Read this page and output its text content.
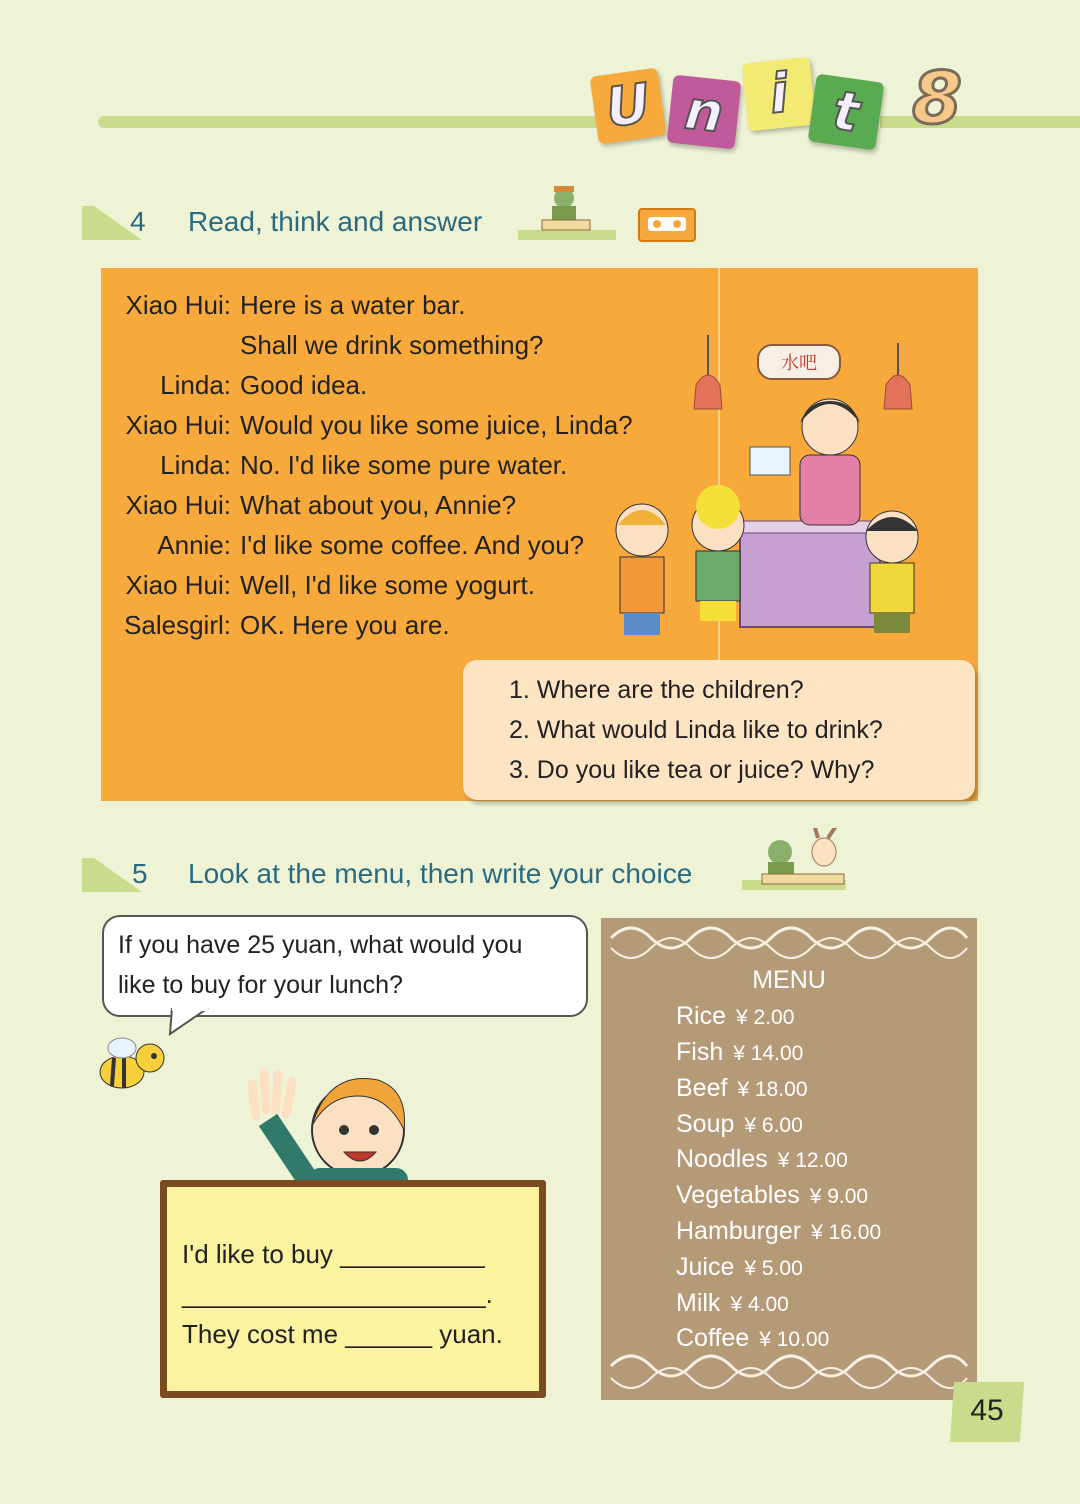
U n i t 8
4 Read, think and answer
Xiao Hui: Here is a water bar.
Shall we drink something?
Linda: Good idea.
Xiao Hui: Would you like some juice, Linda?
Linda: No. I'd like some pure water.
Xiao Hui: What about you, Annie?
Annie: I'd like some coffee. And you?
Xiao Hui: Well, I'd like some yogurt.
Salesgirl: OK. Here you are.
水吧
1. Where are the children?
2. What would Linda like to drink?
3. Do you like tea or juice? Why?
5 Look at the menu, then write your choice
If you have 25 yuan, what would you
like to buy for your lunch?
I'd like to buy __________
_____________________.
They cost me ______ yuan.
MENU
Rice ¥ 2.00
Fish ¥ 14.00
Beef ¥ 18.00
Soup ¥ 6.00
Noodles ¥ 12.00
Vegetables ¥ 9.00
Hamburger ¥ 16.00
Juice ¥ 5.00
Milk ¥ 4.00
Coffee ¥ 10.00
45
